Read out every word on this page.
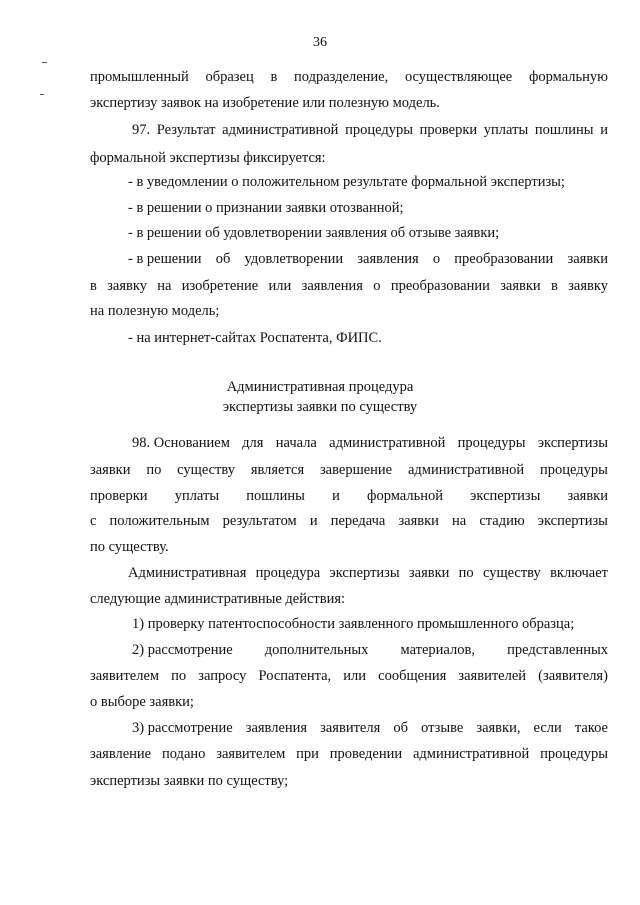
36
промышленный образец в подразделение, осуществляющее формальную
экспертизу заявок на изобретение или полезную модель.
97. Результат административной процедуры проверки уплаты пошлины и
формальной экспертизы фиксируется:
- в уведомлении о положительном результате формальной экспертизы;
- в решении о признании заявки отозванной;
- в решении об удовлетворении заявления об отзыве заявки;
- в решении об удовлетворении заявления о преобразовании заявки
в заявку на изобретение или заявления о преобразовании заявки в заявку
на полезную модель;
- на интернет-сайтах Роспатента, ФИПС.
Административная процедура
экспертизы заявки по существу
98. Основанием для начала административной процедуры экспертизы
заявки по существу является завершение административной процедуры
проверки уплаты пошлины и формальной экспертизы заявки
с положительным результатом и передача заявки на стадию экспертизы
по существу.
Административная процедура экспертизы заявки по существу включает
следующие административные действия:
1) проверку патентоспособности заявленного промышленного образца;
2) рассмотрение дополнительных материалов, представленных
заявителем по запросу Роспатента, или сообщения заявителей (заявителя)
о выборе заявки;
3) рассмотрение заявления заявителя об отзыве заявки, если такое
заявление подано заявителем при проведении административной процедуры
экспертизы заявки по существу;
